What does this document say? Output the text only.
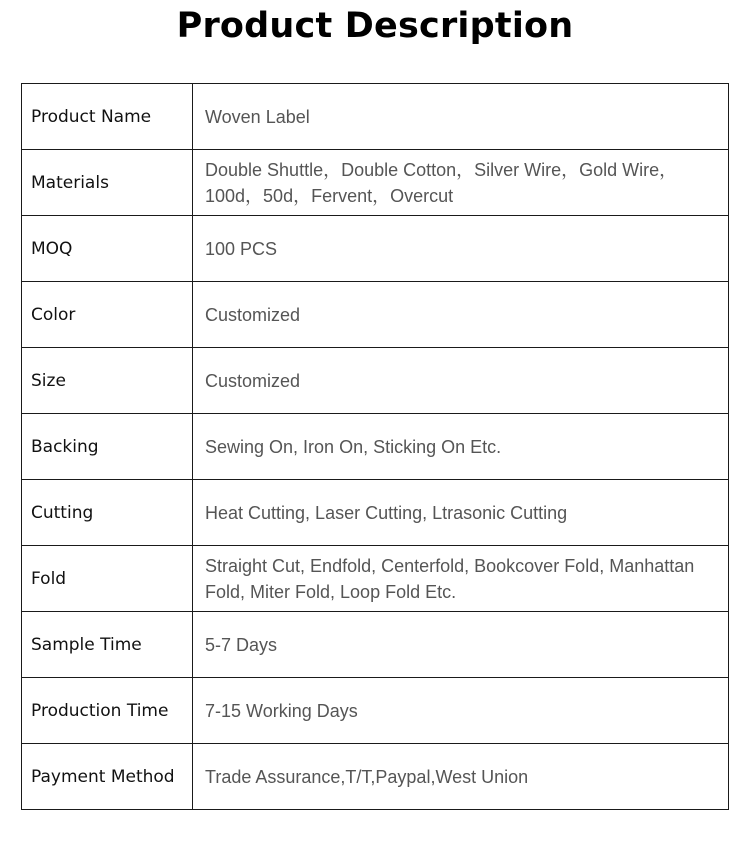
Product Description
Product Name	Woven Label
Materials	Double Shuttle，Double Cotton，Silver Wire，Gold Wire，100d，50d，Fervent，Overcut
MOQ	100 PCS
Color	Customized
Size	Customized
Backing	Sewing On, Iron On, Sticking On Etc.
Cutting	Heat Cutting, Laser Cutting, Ltrasonic Cutting
Fold	Straight Cut, Endfold, Centerfold, Bookcover Fold, Manhattan Fold, Miter Fold, Loop Fold Etc.
Sample Time	5-7 Days
Production Time	7-15 Working Days
Payment Method	Trade Assurance,T/T,Paypal,West Union
